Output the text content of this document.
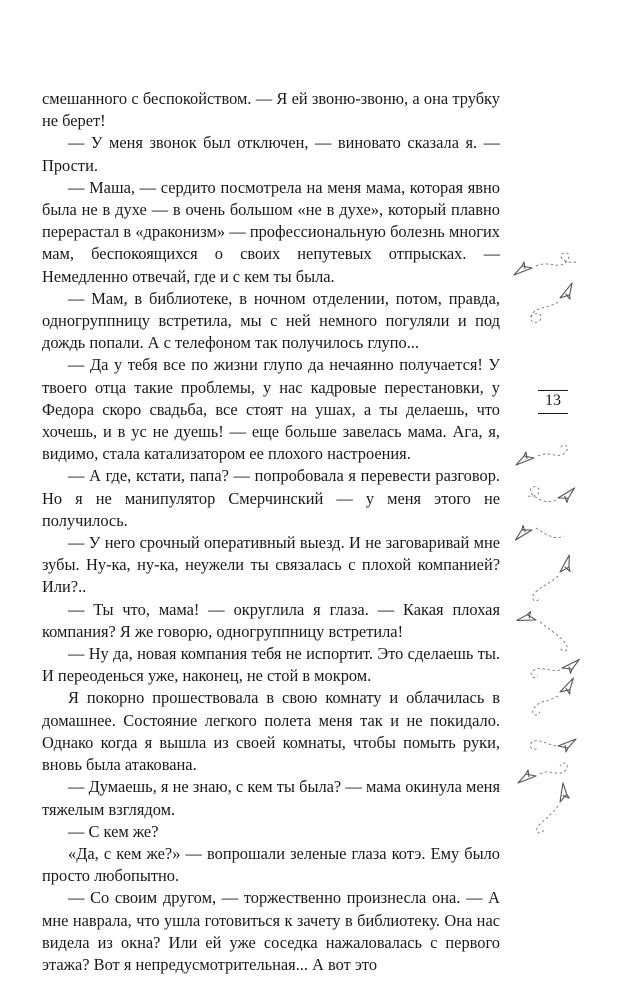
смешанного с беспокойством. — Я ей звоню-звоню, а она трубку не берет!

— У меня звонок был отключен, — виновато сказала я. — Прости.

— Маша, — сердито посмотрела на меня мама, которая явно была не в духе — в очень большом «не в духе», который плавно перерастал в «драконизм» — профессиональную болезнь многих мам, беспокоящихся о своих непутевых отпрысках. — Немедленно отвечай, где и с кем ты была.

— Мам, в библиотеке, в ночном отделении, потом, правда, одногруппницу встретила, мы с ней немного погуляли и под дождь попали. А с телефоном так получилось глупо...

— Да у тебя все по жизни глупо да нечаянно получается! У твоего отца такие проблемы, у нас кадровые перестановки, у Федора скоро свадьба, все стоят на ушах, а ты делаешь, что хочешь, и в ус не дуешь! — еще больше завелась мама. Ага, я, видимо, стала катализатором ее плохого настроения.

— А где, кстати, папа? — попробовала я перевести разговор. Но я не манипулятор Смерчинский — у меня этого не получилось.

— У него срочный оперативный выезд. И не заговаривай мне зубы. Ну-ка, ну-ка, неужели ты связалась с плохой компанией? Или?..

— Ты что, мама! — округлила я глаза. — Какая плохая компания? Я же говорю, одногруппницу встретила!

— Ну да, новая компания тебя не испортит. Это сделаешь ты. И переоденься уже, наконец, не стой в мокром.

Я покорно прошествовала в свою комнату и облачилась в домашнее. Состояние легкого полета меня так и не покидало. Однако когда я вышла из своей комнаты, чтобы помыть руки, вновь была атакована.

— Думаешь, я не знаю, с кем ты была? — мама окинула меня тяжелым взглядом.

— С кем же?

«Да, с кем же?» — вопрошали зеленые глаза котэ. Ему было просто любопытно.

— Со своим другом, — торжественно произнесла она. — А мне наврала, что ушла готовиться к зачету в библиотеку. Она нас видела из окна? Или ей уже соседка нажаловалась с первого этажа? Вот я непредусмотрительная... А вот это

13
